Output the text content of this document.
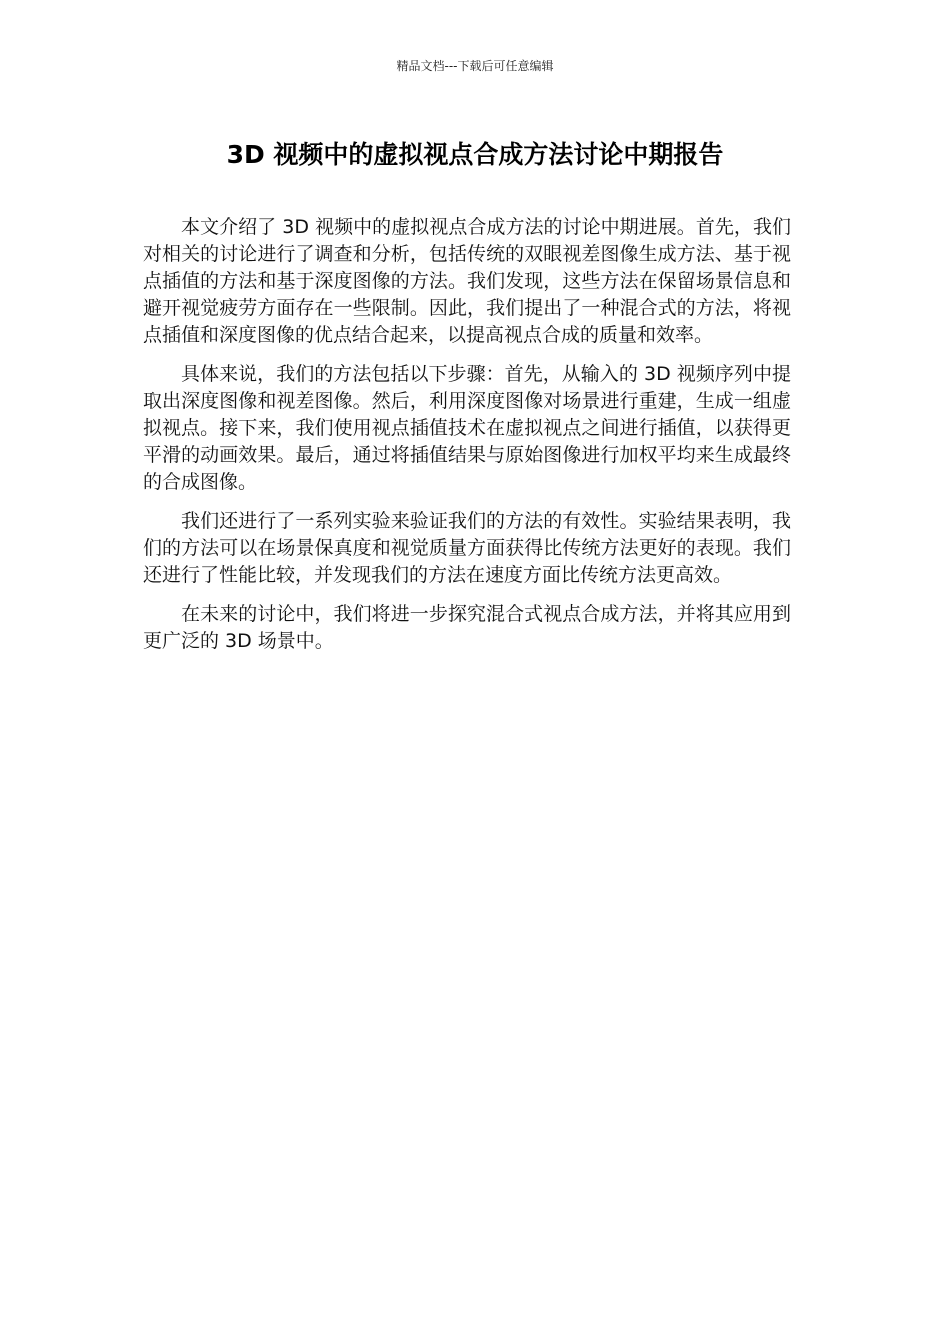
精品文档---下载后可任意编辑
3D 视频中的虚拟视点合成方法讨论中期报告

本文介绍了 3D 视频中的虚拟视点合成方法的讨论中期进展。首先，我们对相关的讨论进行了调查和分析，包括传统的双眼视差图像生成方法、基于视点插值的方法和基于深度图像的方法。我们发现，这些方法在保留场景信息和避开视觉疲劳方面存在一些限制。因此，我们提出了一种混合式的方法，将视点插值和深度图像的优点结合起来，以提高视点合成的质量和效率。

具体来说，我们的方法包括以下步骤：首先，从输入的 3D 视频序列中提取出深度图像和视差图像。然后，利用深度图像对场景进行重建，生成一组虚拟视点。接下来，我们使用视点插值技术在虚拟视点之间进行插值，以获得更平滑的动画效果。最后，通过将插值结果与原始图像进行加权平均来生成最终的合成图像。

我们还进行了一系列实验来验证我们的方法的有效性。实验结果表明，我们的方法可以在场景保真度和视觉质量方面获得比传统方法更好的表现。我们还进行了性能比较，并发现我们的方法在速度方面比传统方法更高效。

在未来的讨论中，我们将进一步探究混合式视点合成方法，并将其应用到更广泛的 3D 场景中。
